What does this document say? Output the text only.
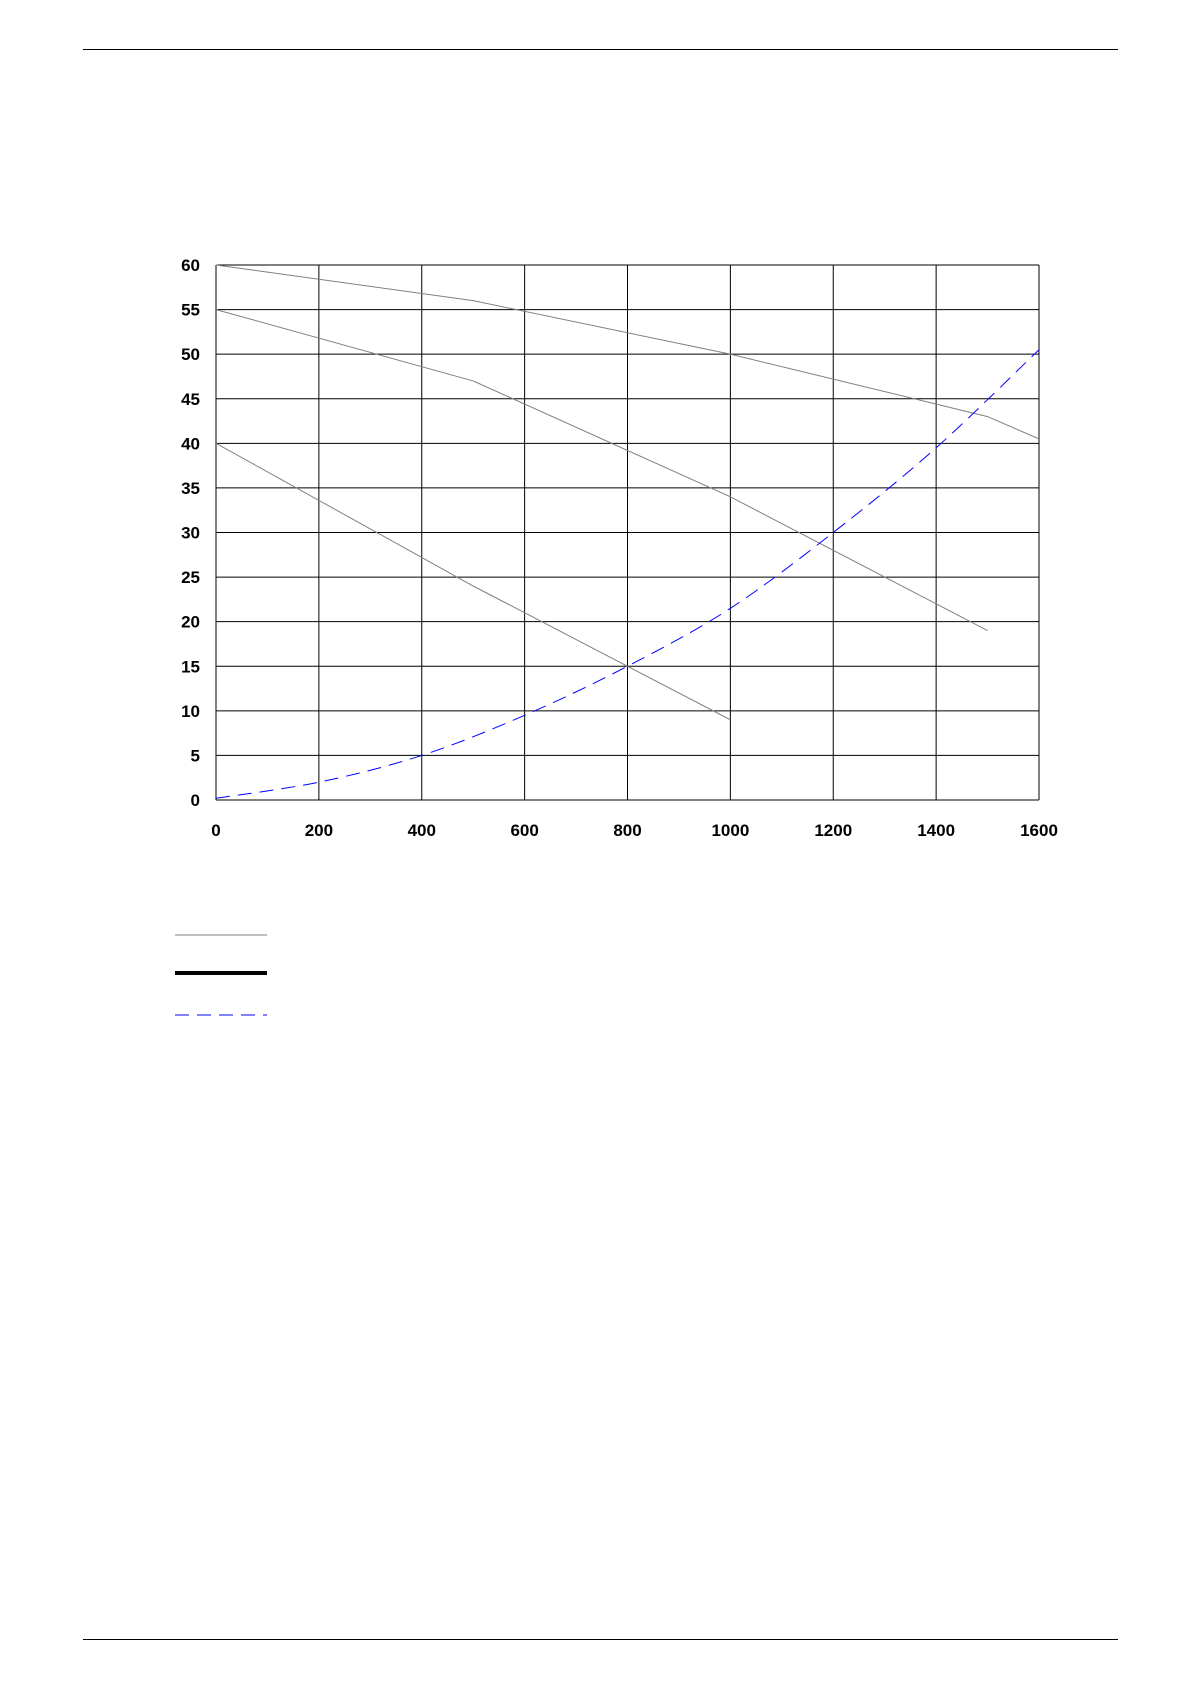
0
5
10
15
20
25
30
35
40
45
50
55
60
0	200	400	600	800	1000	1200	1400	1600
